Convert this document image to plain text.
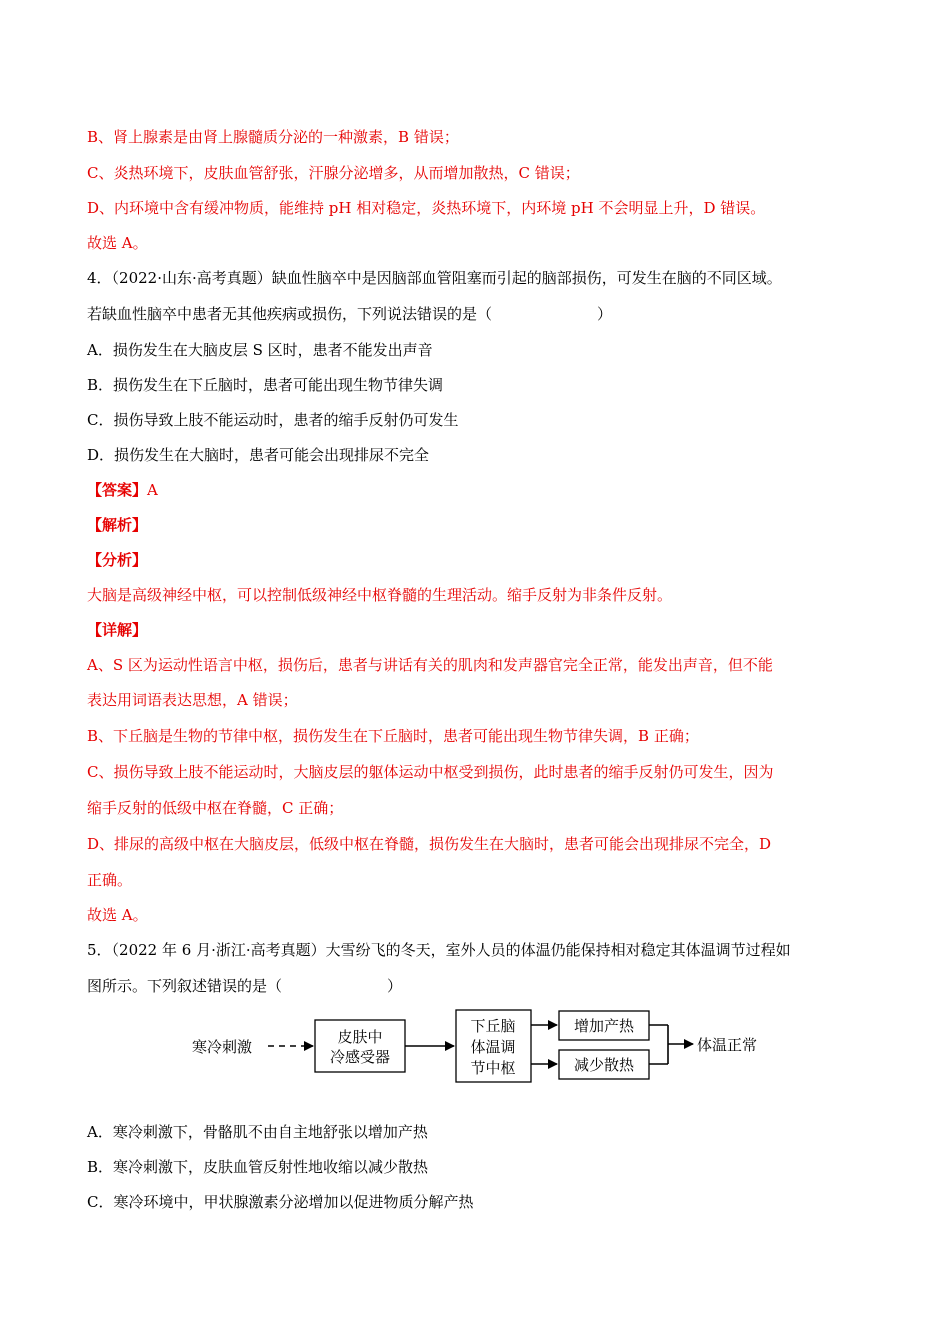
B、肾上腺素是由肾上腺髓质分泌的一种激素，B 错误；
C、炎热环境下，皮肤血管舒张，汗腺分泌增多，从而增加散热，C 错误；
D、内环境中含有缓冲物质，能维持 pH 相对稳定，炎热环境下，内环境 pH 不会明显上升，D 错误。
故选 A。
4．（2022·山东·高考真题）缺血性脑卒中是因脑部血管阻塞而引起的脑部损伤，可发生在脑的不同区域。
若缺血性脑卒中患者无其他疾病或损伤，下列说法错误的是（　　　　　　　）
A．损伤发生在大脑皮层 S 区时，患者不能发出声音
B．损伤发生在下丘脑时，患者可能出现生物节律失调
C．损伤导致上肢不能运动时，患者的缩手反射仍可发生
D．损伤发生在大脑时，患者可能会出现排尿不完全
【答案】A
【解析】
【分析】
大脑是高级神经中枢，可以控制低级神经中枢脊髓的生理活动。缩手反射为非条件反射。
【详解】
A、S 区为运动性语言中枢，损伤后，患者与讲话有关的肌肉和发声器官完全正常，能发出声音，但不能
表达用词语表达思想，A 错误；
B、下丘脑是生物的节律中枢，损伤发生在下丘脑时，患者可能出现生物节律失调，B 正确；
C、损伤导致上肢不能运动时，大脑皮层的躯体运动中枢受到损伤，此时患者的缩手反射仍可发生，因为
缩手反射的低级中枢在脊髓，C 正确；
D、排尿的高级中枢在大脑皮层，低级中枢在脊髓，损伤发生在大脑时，患者可能会出现排尿不完全，D
正确。
故选 A。
5．（2022 年 6 月·浙江·高考真题）大雪纷飞的冬天，室外人员的体温仍能保持相对稳定其体温调节过程如
图所示。下列叙述错误的是（　　　　　　　）
寒冷刺激
皮肤中
冷感受器
下丘脑
体温调
节中枢
增加产热
减少散热
体温正常
A．寒冷刺激下，骨骼肌不由自主地舒张以增加产热
B．寒冷刺激下，皮肤血管反射性地收缩以减少散热
C．寒冷环境中，甲状腺激素分泌增加以促进物质分解产热
